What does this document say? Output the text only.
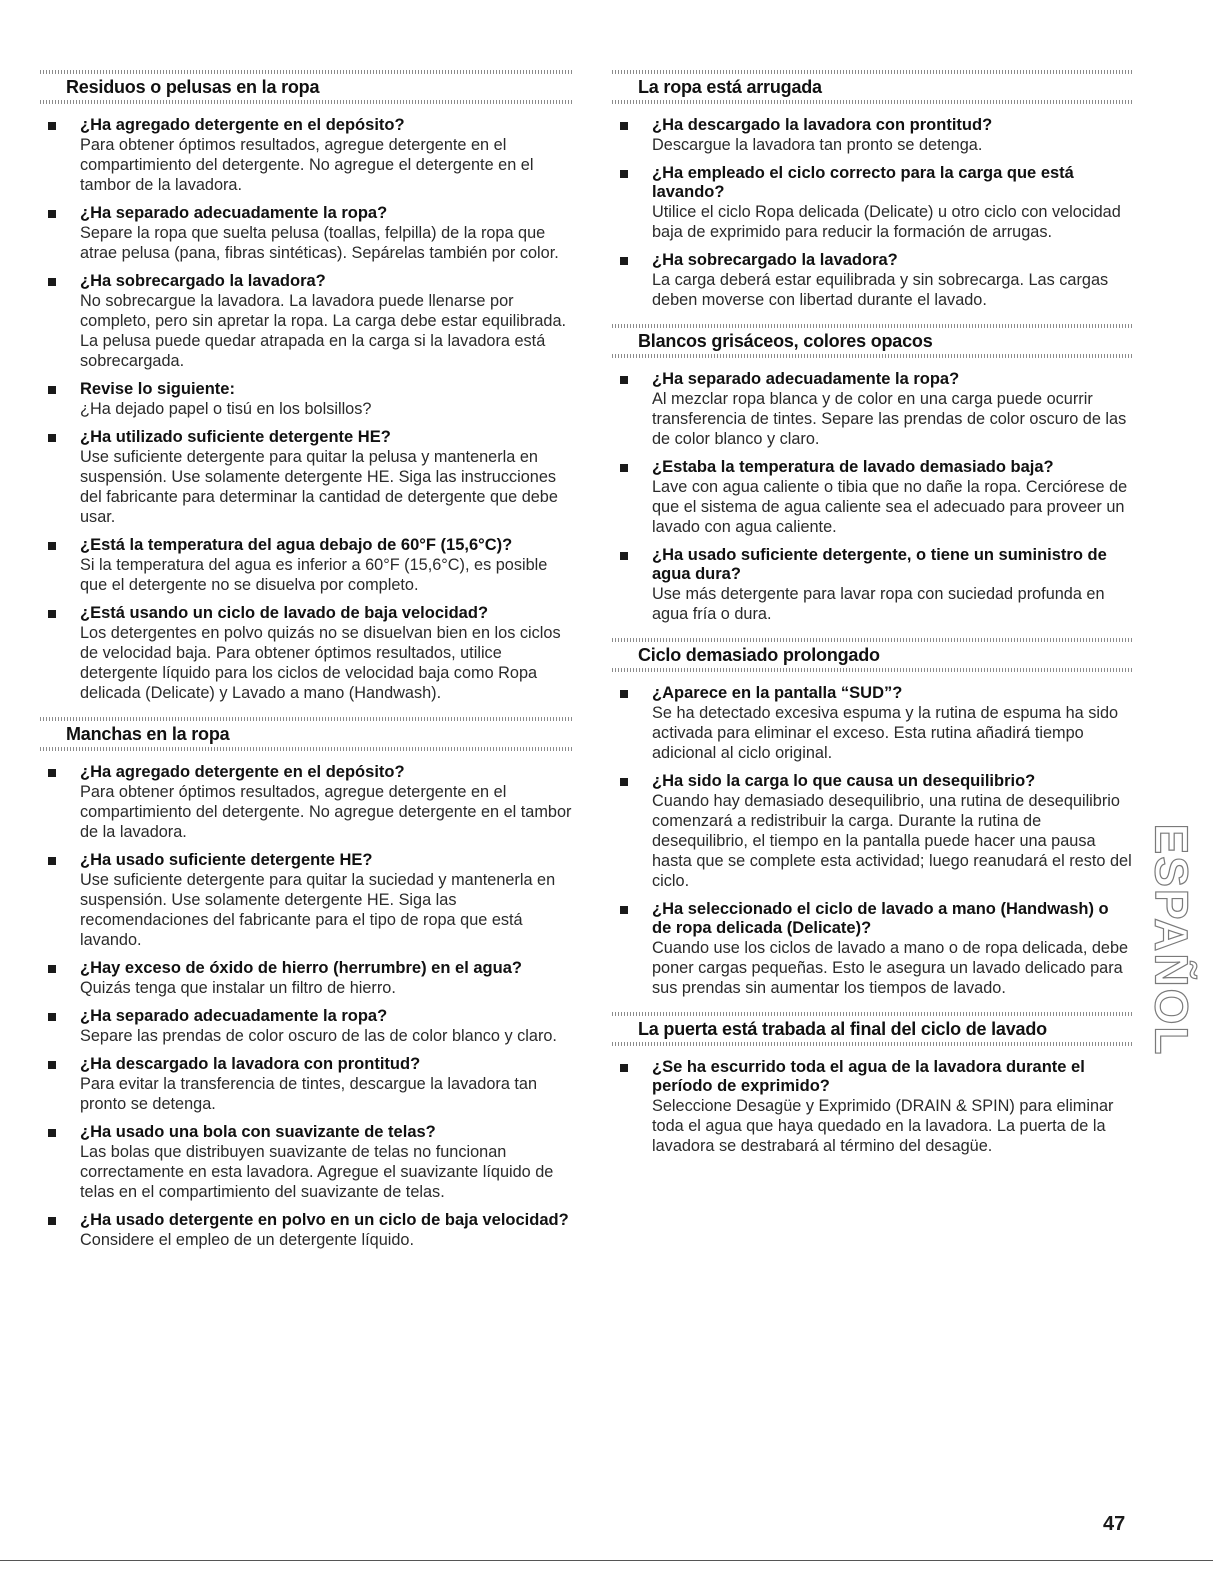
Residuos o pelusas en la ropa
¿Ha agregado detergente en el depósito?
Para obtener óptimos resultados, agregue detergente en el compartimiento del detergente. No agregue el detergente en el tambor de la lavadora.
¿Ha separado adecuadamente la ropa?
Separe la ropa que suelta pelusa (toallas, felpilla) de la ropa que atrae pelusa (pana, fibras sintéticas). Sepárelas también por color.
¿Ha sobrecargado la lavadora?
No sobrecargue la lavadora. La lavadora puede llenarse por completo, pero sin apretar la ropa. La carga debe estar equilibrada. La pelusa puede quedar atrapada en la carga si la lavadora está sobrecargada.
Revise lo siguiente:
¿Ha dejado papel o tisú en los bolsillos?
¿Ha utilizado suficiente detergente HE?
Use suficiente detergente para quitar la pelusa y mantenerla en suspensión. Use solamente detergente HE. Siga las instrucciones del fabricante para determinar la cantidad de detergente que debe usar.
¿Está la temperatura del agua debajo de 60°F (15,6°C)?
Si la temperatura del agua es inferior a 60°F (15,6°C), es posible que el detergente no se disuelva por completo.
¿Está usando un ciclo de lavado de baja velocidad?
Los detergentes en polvo quizás no se disuelvan bien en los ciclos de velocidad baja. Para obtener óptimos resultados, utilice detergente líquido para los ciclos de velocidad baja como Ropa delicada (Delicate) y Lavado a mano (Handwash).
Manchas en la ropa
¿Ha agregado detergente en el depósito?
Para obtener óptimos resultados, agregue detergente en el compartimiento del detergente. No agregue detergente en el tambor de la lavadora.
¿Ha usado suficiente detergente HE?
Use suficiente detergente para quitar la suciedad y mantenerla en suspensión. Use solamente detergente HE. Siga las recomendaciones del fabricante para el tipo de ropa que está lavando.
¿Hay exceso de óxido de hierro (herrumbre) en el agua?
Quizás tenga que instalar un filtro de hierro.
¿Ha separado adecuadamente la ropa?
Separe las prendas de color oscuro de las de color blanco y claro.
¿Ha descargado la lavadora con prontitud?
Para evitar la transferencia de tintes, descargue la lavadora tan pronto se detenga.
¿Ha usado una bola con suavizante de telas?
Las bolas que distribuyen suavizante de telas no funcionan correctamente en esta lavadora. Agregue el suavizante líquido de telas en el compartimiento del suavizante de telas.
¿Ha usado detergente en polvo en un ciclo de baja velocidad?
Considere el empleo de un detergente líquido.
La ropa está arrugada
¿Ha descargado la lavadora con prontitud?
Descargue la lavadora tan pronto se detenga.
¿Ha empleado el ciclo correcto para la carga que está lavando?
Utilice el ciclo Ropa delicada (Delicate) u otro ciclo con velocidad baja de exprimido para reducir la formación de arrugas.
¿Ha sobrecargado la lavadora?
La carga deberá estar equilibrada y sin sobrecarga. Las cargas deben moverse con libertad durante el lavado.
Blancos grisáceos, colores opacos
¿Ha separado adecuadamente la ropa?
Al mezclar ropa blanca y de color en una carga puede ocurrir transferencia de tintes. Separe las prendas de color oscuro de las de color blanco y claro.
¿Estaba la temperatura de lavado demasiado baja?
Lave con agua caliente o tibia que no dañe la ropa. Cerciórese de que el sistema de agua caliente sea el adecuado para proveer un lavado con agua caliente.
¿Ha usado suficiente detergente, o tiene un suministro de agua dura?
Use más detergente para lavar ropa con suciedad profunda en agua fría o dura.
Ciclo demasiado prolongado
¿Aparece en la pantalla “SUD”?
Se ha detectado excesiva espuma y la rutina de espuma ha sido activada para eliminar el exceso. Esta rutina añadirá tiempo adicional al ciclo original.
¿Ha sido la carga lo que causa un desequilibrio?
Cuando hay demasiado desequilibrio, una rutina de desequilibrio comenzará a redistribuir la carga. Durante la rutina de desequilibrio, el tiempo en la pantalla puede hacer una pausa hasta que se complete esta actividad; luego reanudará el resto del ciclo.
¿Ha seleccionado el ciclo de lavado a mano (Handwash) o de ropa delicada (Delicate)?
Cuando use los ciclos de lavado a mano o de ropa delicada, debe poner cargas pequeñas. Esto le asegura un lavado delicado para sus prendas sin aumentar los tiempos de lavado.
La puerta está trabada al final del ciclo de lavado
¿Se ha escurrido toda el agua de la lavadora durante el período de exprimido?
Seleccione Desagüe y Exprimido (DRAIN & SPIN) para eliminar toda el agua que haya quedado en la lavadora. La puerta de la lavadora se destrabará al término del desagüe.
ESPAÑOL
47
